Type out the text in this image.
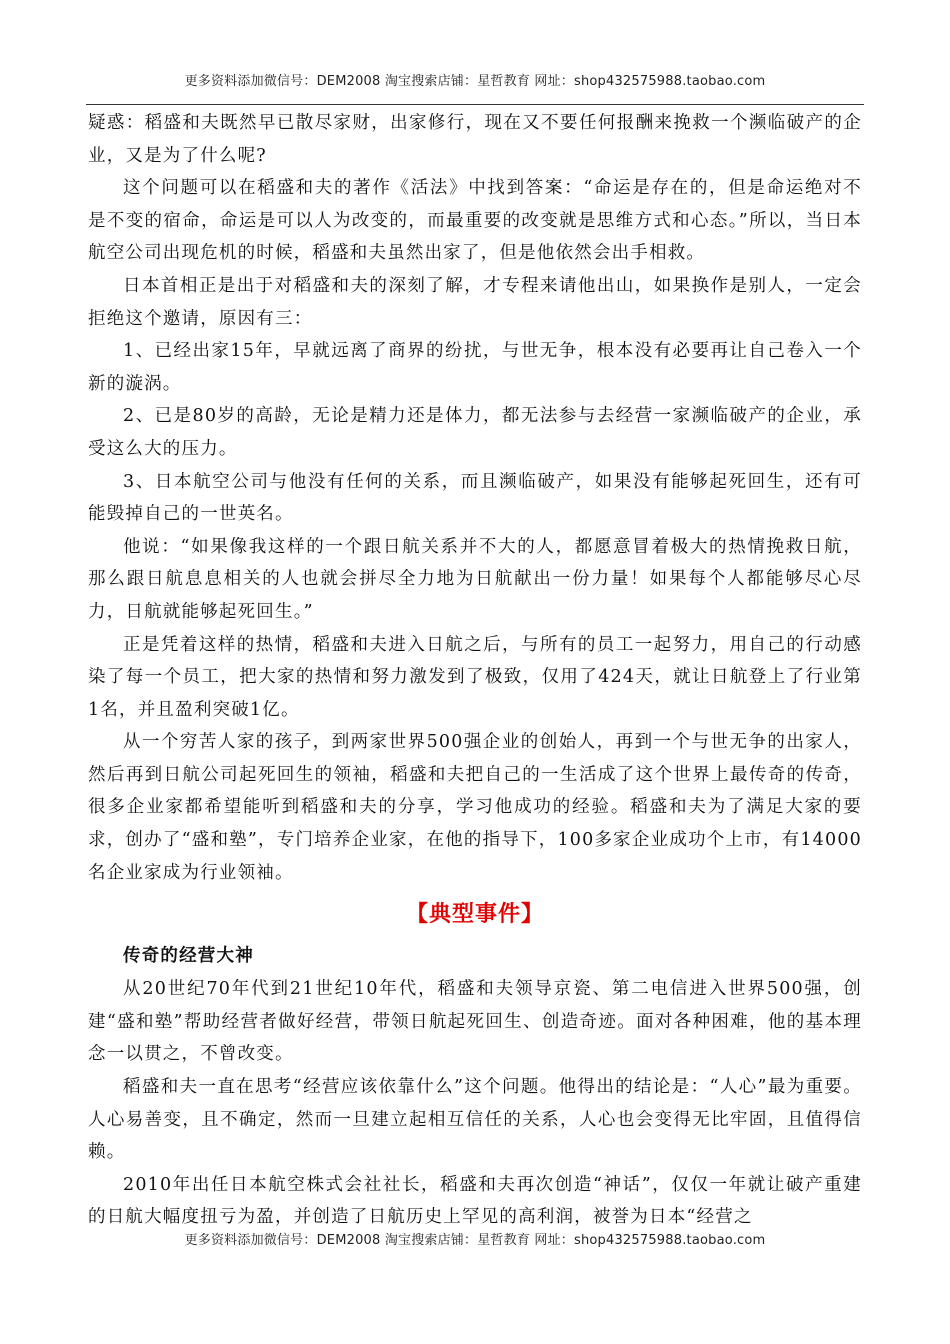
更多资料添加微信号：DEM2008 淘宝搜索店铺：星哲教育 网址：shop432575988.taobao.com

疑惑：稻盛和夫既然早已散尽家财，出家修行，现在又不要任何报酬来挽救一个濒临破产的企业，又是为了什么呢?

这个问题可以在稻盛和夫的著作《活法》中找到答案：“命运是存在的，但是命运绝对不是不变的宿命，命运是可以人为改变的，而最重要的改变就是思维方式和心态。”所以，当日本航空公司出现危机的时候，稻盛和夫虽然出家了，但是他依然会出手相救。

日本首相正是出于对稻盛和夫的深刻了解，才专程来请他出山，如果换作是别人，一定会拒绝这个邀请，原因有三：

1、已经出家15年，早就远离了商界的纷扰，与世无争，根本没有必要再让自己卷入一个新的漩涡。

2、已是80岁的高龄，无论是精力还是体力，都无法参与去经营一家濒临破产的企业，承受这么大的压力。

3、日本航空公司与他没有任何的关系，而且濒临破产，如果没有能够起死回生，还有可能毁掉自己的一世英名。

他说：“如果像我这样的一个跟日航关系并不大的人，都愿意冒着极大的热情挽救日航，那么跟日航息息相关的人也就会拼尽全力地为日航献出一份力量！如果每个人都能够尽心尽力，日航就能够起死回生。”

正是凭着这样的热情，稻盛和夫进入日航之后，与所有的员工一起努力，用自己的行动感染了每一个员工，把大家的热情和努力激发到了极致，仅用了424天，就让日航登上了行业第1名，并且盈利突破1亿。

从一个穷苦人家的孩子，到两家世界500强企业的创始人，再到一个与世无争的出家人，然后再到日航公司起死回生的领袖，稻盛和夫把自己的一生活成了这个世界上最传奇的传奇，很多企业家都希望能听到稻盛和夫的分享，学习他成功的经验。稻盛和夫为了满足大家的要求，创办了“盛和塾”，专门培养企业家，在他的指导下，100多家企业成功个上市，有14000名企业家成为行业领袖。

【典型事件】
传奇的经营大神

从20世纪70年代到21世纪10年代，稻盛和夫领导京瓷、第二电信进入世界500强，创建“盛和塾”帮助经营者做好经营，带领日航起死回生、创造奇迹。面对各种困难，他的基本理念一以贯之，不曾改变。

稻盛和夫一直在思考“经营应该依靠什么”这个问题。他得出的结论是：“人心”最为重要。人心易善变，且不确定，然而一旦建立起相互信任的关系，人心也会变得无比牢固，且值得信赖。

2010年出任日本航空株式会社社长，稻盛和夫再次创造“神话”，仅仅一年就让破产重建的日航大幅度扭亏为盈，并创造了日航历史上罕见的高利润，被誉为日本“经营之

更多资料添加微信号：DEM2008 淘宝搜索店铺：星哲教育 网址：shop432575988.taobao.com
